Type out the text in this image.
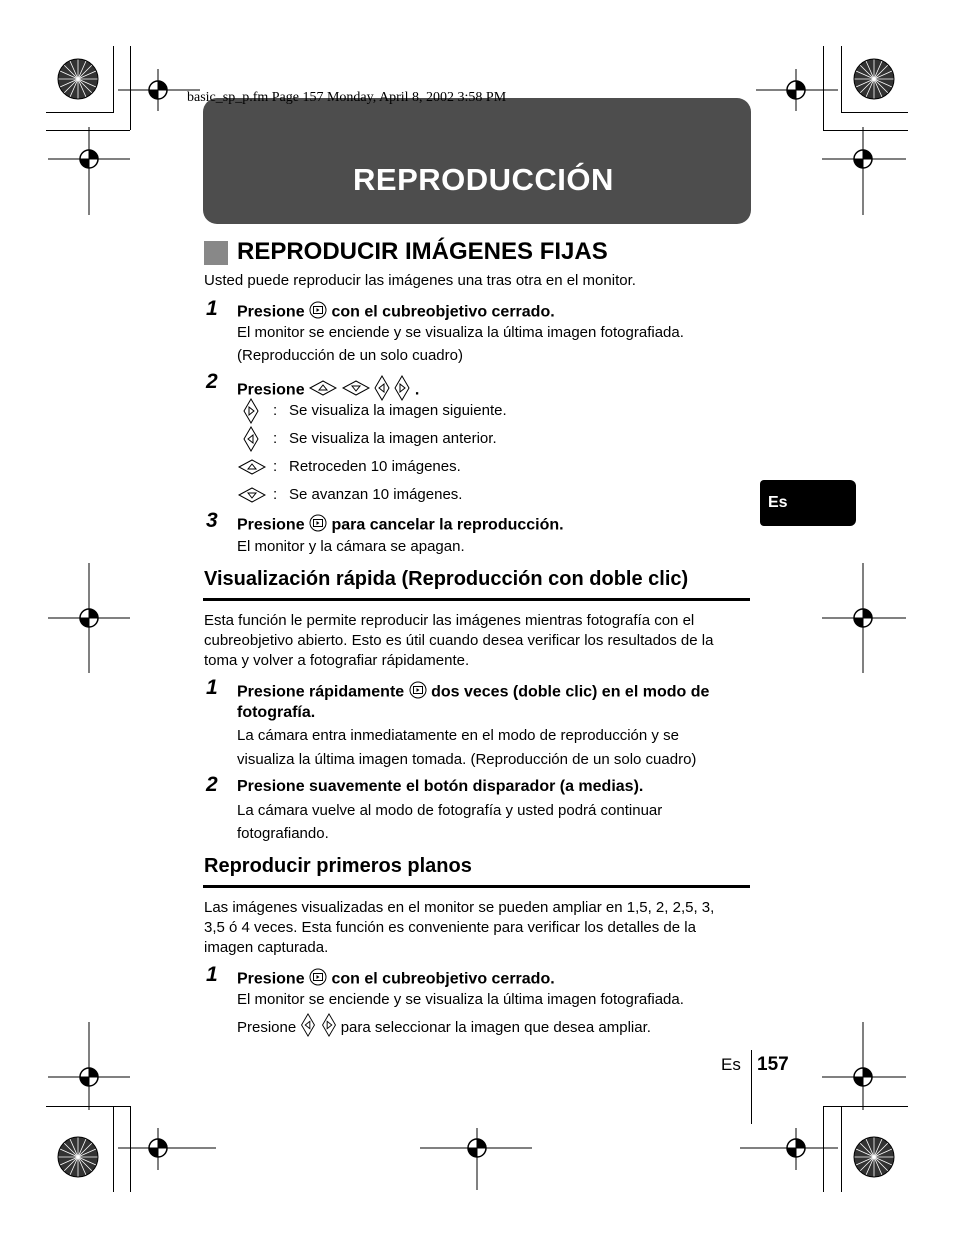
REPRODUCCIÓN
basic_sp_p.fm Page 157 Monday, April 8, 2002 3:58 PM
REPRODUCIR IMÁGENES FIJAS
Usted puede reproducir las imágenes una tras otra en el monitor.
1 Presione con el cubreobjetivo cerrado.
El monitor se enciende y se visualiza la última imagen fotografiada.
(Reproducción de un solo cuadro)
2 Presione	.
: Se visualiza la imagen siguiente.
: Se visualiza la imagen anterior.
: Retroceden 10 imágenes.
: Se avanzan 10 imágenes.
3 Presione para cancelar la reproducción.
El monitor y la cámara se apagan.
Visualización rápida (Reproducción con doble clic)
Esta función le permite reproducir las imágenes mientras fotografía con el
cubreobjetivo abierto. Esto es útil cuando desea verificar los resultados de la
toma y volver a fotografiar rápidamente.
1 Presione rápidamente dos veces (doble clic) en el modo de
fotografía.
La cámara entra inmediatamente en el modo de reproducción y se
visualiza la última imagen tomada. (Reproducción de un solo cuadro)
2 Presione suavemente el botón disparador (a medias).
La cámara vuelve al modo de fotografía y usted podrá continuar
fotografiando.
Reproducir primeros planos
Las imágenes visualizadas en el monitor se pueden ampliar en 1,5, 2, 2,5, 3,
3,5 ó 4 veces. Esta función es conveniente para verificar los detalles de la
imagen capturada.
1 Presione con el cubreobjetivo cerrado.
El monitor se enciende y se visualiza la última imagen fotografiada.
Presione	para seleccionar la imagen que desea ampliar.
Es
Es 157
